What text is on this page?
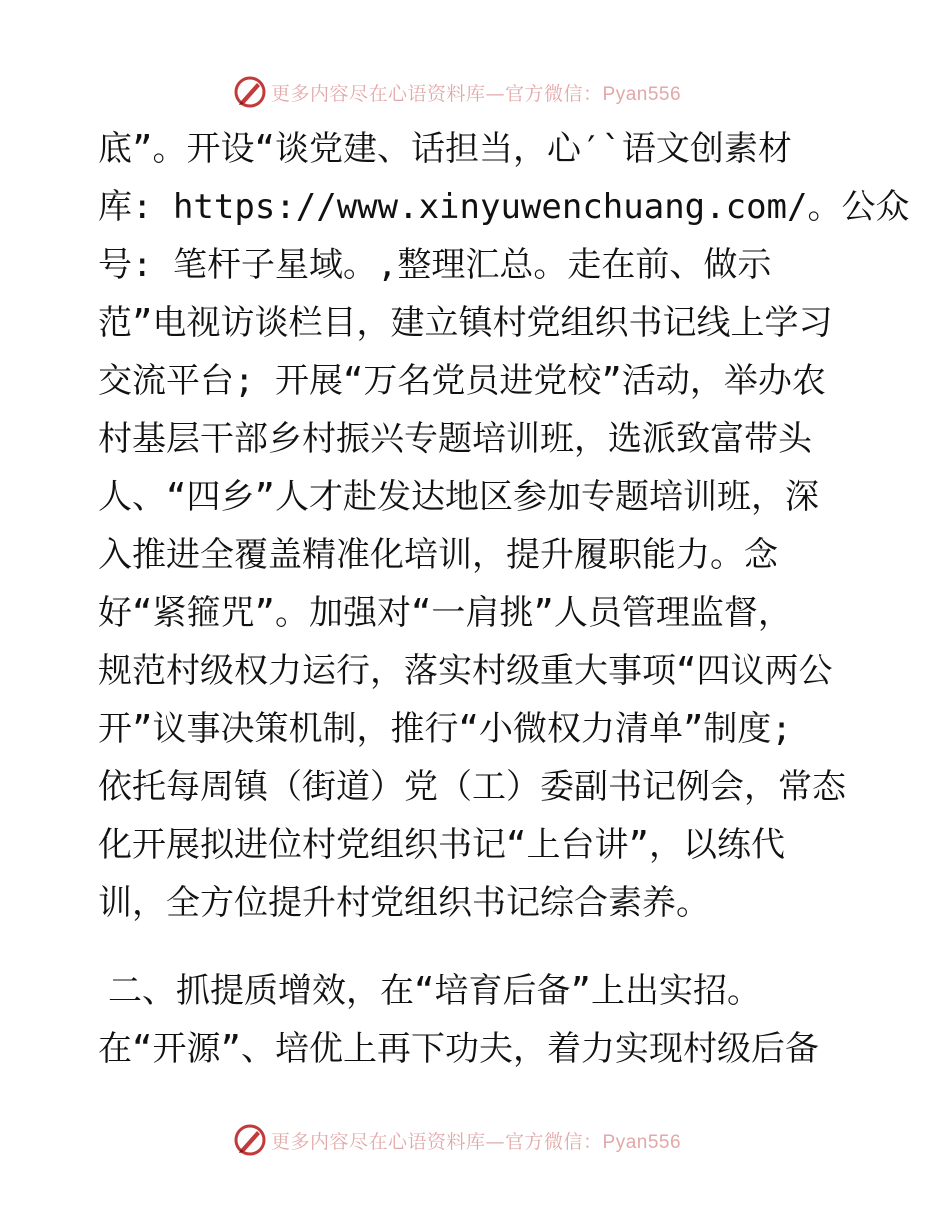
更多内容尽在心语资料库—官方微信：Pyan556
底”。开设“谈党建、话担当，心′`语文创素材
库: https://www.xinyuwenchuang.com/。公众
号: 笔杆子星域。,整理汇总。走在前、做示
范”电视访谈栏目，建立镇村党组织书记线上学习
交流平台; 开展“万名党员进党校”活动，举办农
村基层干部乡村振兴专题培训班，选派致富带头
人、“四乡”人才赴发达地区参加专题培训班，深
入推进全覆盖精准化培训，提升履职能力。念
好“紧箍咒”。加强对“一肩挑”人员管理监督，
规范村级权力运行，落实村级重大事项“四议两公
开”议事决策机制，推行“小微权力清单”制度;
依托每周镇（街道）党（工）委副书记例会，常态
化开展拟进位村党组织书记“上台讲”，以练代
训，全方位提升村党组织书记综合素养。
二、抓提质增效，在“培育后备”上出实招。
在“开源”、培优上再下功夫，着力实现村级后备
更多内容尽在心语资料库—官方微信：Pyan556
